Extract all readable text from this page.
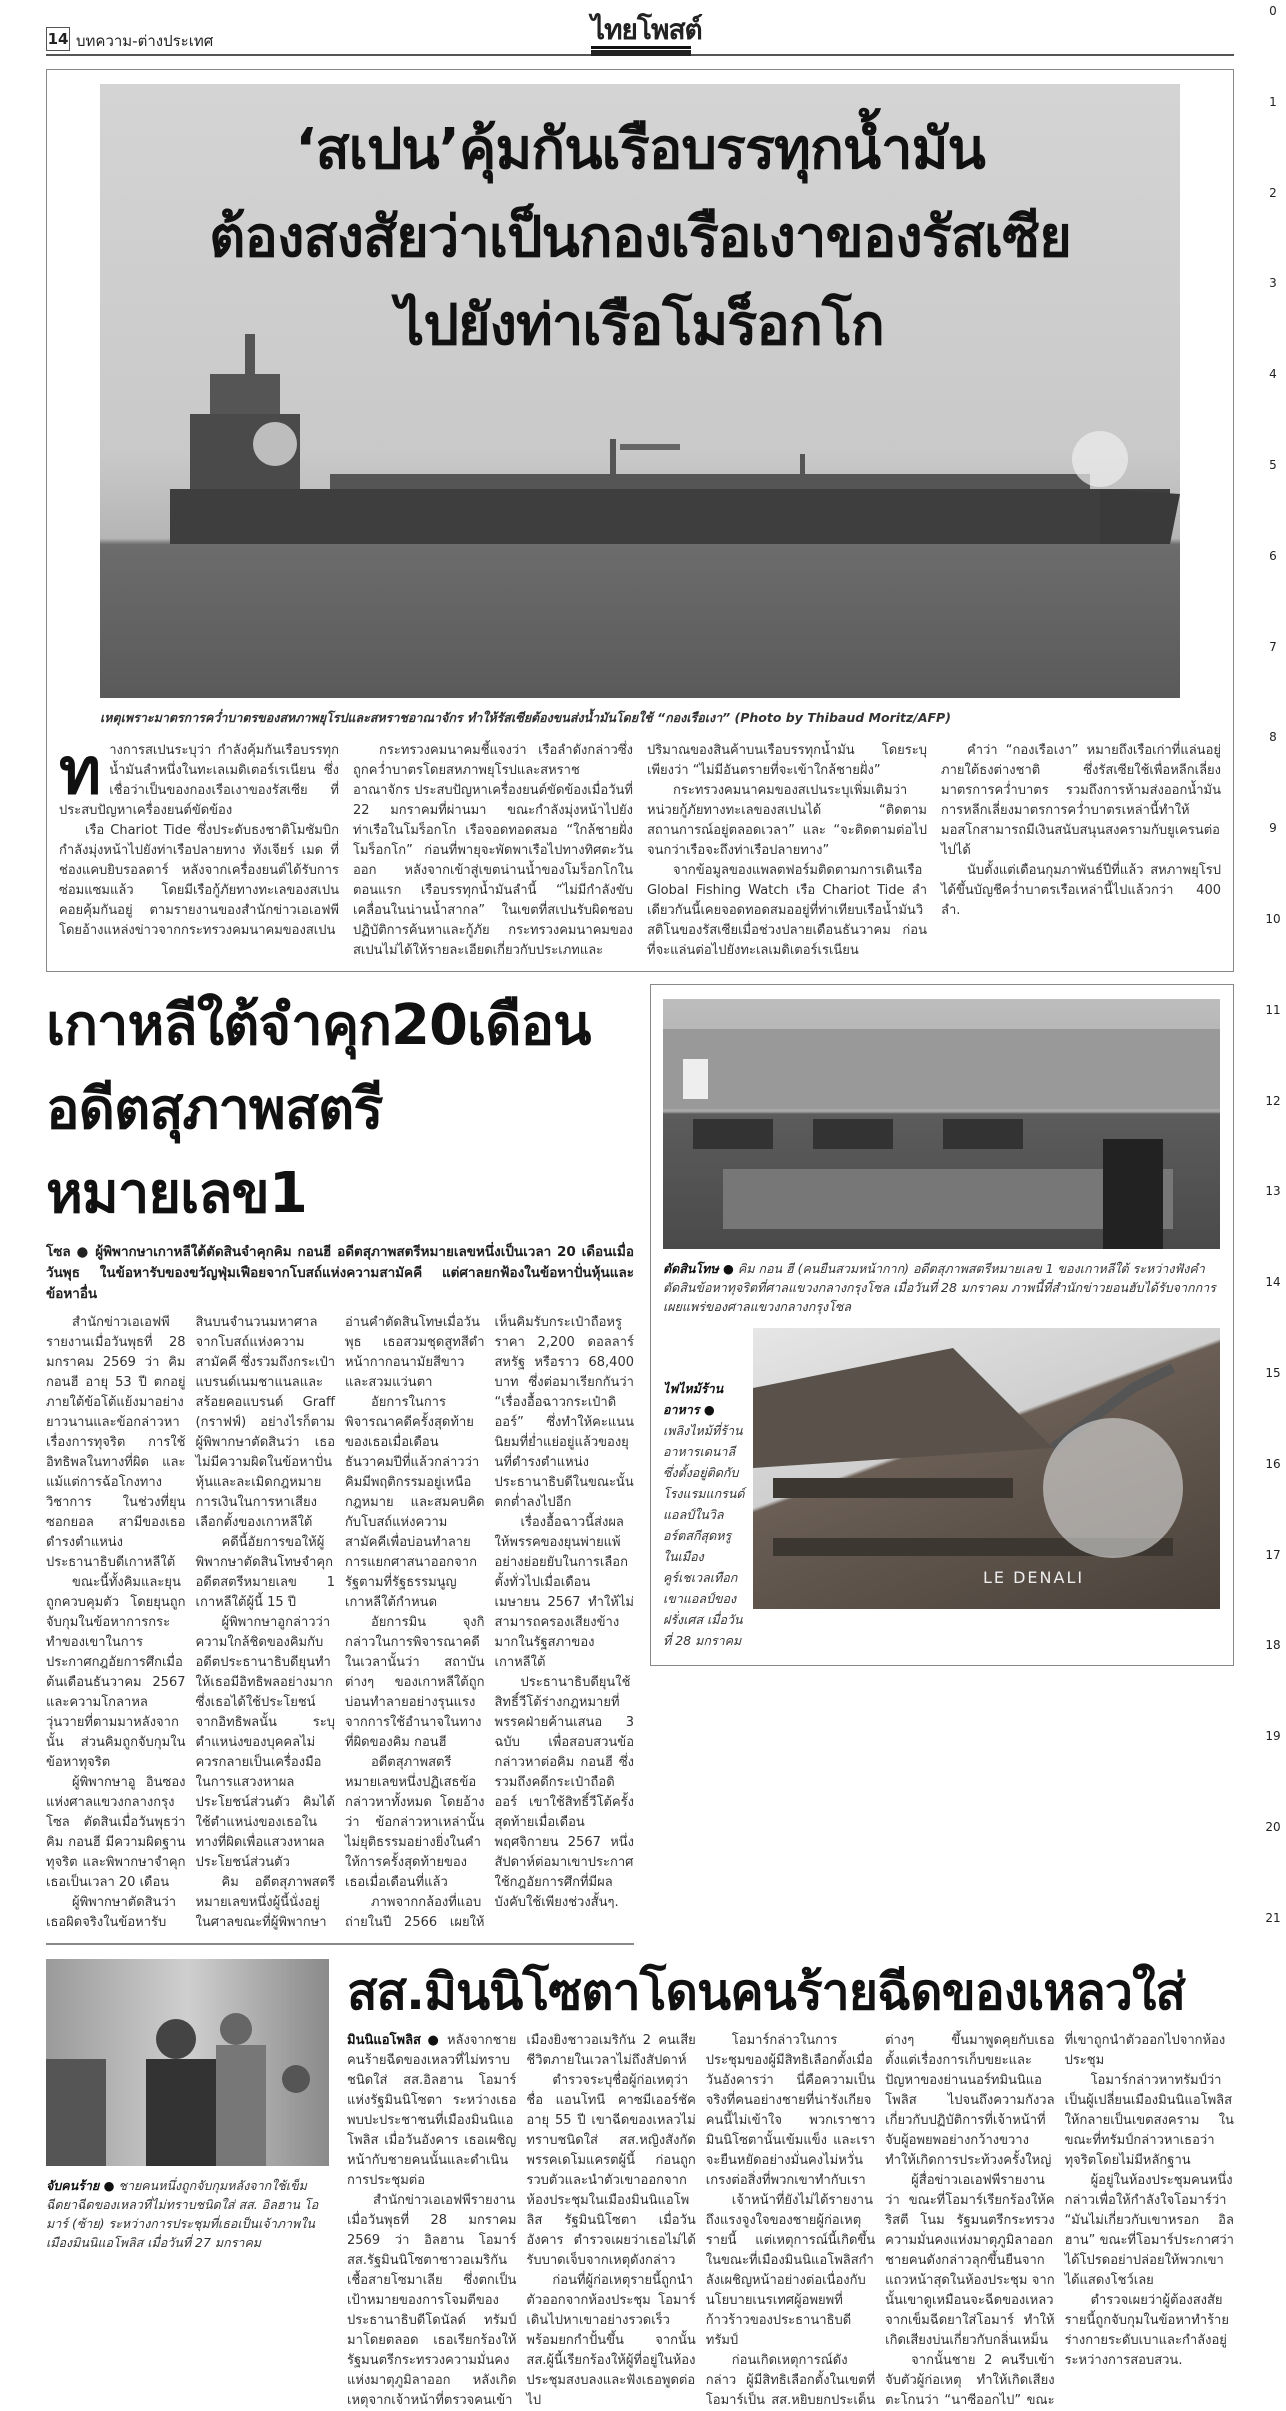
0
1
2
3
4
5
6
7
8
9
10
11
12
13
14
15
16
17
18
19
20
21
14 บทความ-ต่างประเทศ	ไทยโพสต์
‘สเปน’คุ้มกันเรือบรรทุกน้ำมัน
ต้องสงสัยว่าเป็นกองเรือเงาของรัสเซีย
ไปยังท่าเรือโมร็อกโก
เหตุเพราะมาตรการคว่ำบาตรของสหภาพยุโรปและสหราชอาณาจักร ทำให้รัสเซียต้องขนส่งน้ำมันโดยใช้ “กองเรือเงา” (Photo by Thibaud Moritz/AFP)
ท างการสเปนระบุว่า กำลังคุ้มกันเรือบรรทุกน้ำมันลำหนึ่งในทะเลเมดิเตอร์เรเนียน ซึ่งเชื่อว่าเป็นของกองเรือเงาของรัสเซีย ที่ประสบปัญหาเครื่องยนต์ขัดข้อง

เรือ Chariot Tide ซึ่งประดับธงชาติโมซัมบิก กำลังมุ่งหน้าไปยังท่าเรือปลายทาง ทังเจียร์ เมด ที่ช่องแคบยิบรอลตาร์ หลังจากเครื่องยนต์ได้รับการซ่อมแซมแล้ว โดยมีเรือกู้ภัยทางทะเลของสเปนคอยคุ้มกันอยู่ ตามรายงานของสำนักข่าวเอเอฟพี โดยอ้างแหล่งข่าวจากกระทรวงคมนาคมของสเปน

กระทรวงคมนาคมชี้แจงว่า เรือลำดังกล่าวซึ่งถูกคว่ำบาตรโดยสหภาพยุโรปและสหราชอาณาจักร ประสบปัญหาเครื่องยนต์ขัดข้องเมื่อวันที่ 22 มกราคมที่ผ่านมา ขณะกำลังมุ่งหน้าไปยังท่าเรือในโมร็อกโก เรือจอดทอดสมอ “ใกล้ชายฝั่งโมร็อกโก” ก่อนที่พายุจะพัดพาเรือไปทางทิศตะวันออก หลังจากเข้าสู่เขตน่านน้ำของโมร็อกโกในตอนแรก เรือบรรทุกน้ำมันลำนี้ “ไม่มีกำลังขับเคลื่อนในน่านน้ำสากล” ในเขตที่สเปนรับผิดชอบปฏิบัติการค้นหาและกู้ภัย กระทรวงคมนาคมของสเปนไม่ได้ให้รายละเอียดเกี่ยวกับประเภทและปริมาณของสินค้าบนเรือบรรทุกน้ำมัน โดยระบุเพียงว่า “ไม่มีอันตรายที่จะเข้าใกล้ชายฝั่ง”

กระทรวงคมนาคมของสเปนระบุเพิ่มเติมว่า หน่วยกู้ภัยทางทะเลของสเปนได้ “ติดตามสถานการณ์อยู่ตลอดเวลา” และ “จะติดตามต่อไปจนกว่าเรือจะถึงท่าเรือปลายทาง”

จากข้อมูลของแพลตฟอร์มติดตามการเดินเรือ Global Fishing Watch เรือ Chariot Tide ลำเดียวกันนี้เคยจอดทอดสมออยู่ที่ท่าเทียบเรือน้ำมันวิสติโนของรัสเซียเมื่อช่วงปลายเดือนธันวาคม ก่อนที่จะแล่นต่อไปยังทะเลเมดิเตอร์เรเนียน

คำว่า “กองเรือเงา” หมายถึงเรือเก่าที่แล่นอยู่ภายใต้ธงต่างชาติ ซึ่งรัสเซียใช้เพื่อหลีกเลี่ยงมาตรการคว่ำบาตร รวมถึงการห้ามส่งออกน้ำมัน การหลีกเลี่ยงมาตรการคว่ำบาตรเหล่านี้ทำให้มอสโกสามารถมีเงินสนับสนุนสงครามกับยูเครนต่อไปได้

นับตั้งแต่เดือนกุมภาพันธ์ปีที่แล้ว สหภาพยุโรปได้ขึ้นบัญชีคว่ำบาตรเรือเหล่านี้ไปแล้วกว่า 400 ลำ.

เกาหลีใต้จำคุก20เดือน
อดีตสุภาพสตรีหมายเลข1
โซล ● ผู้พิพากษาเกาหลีใต้ตัดสินจำคุกคิม กอนฮี อดีตสุภาพสตรีหมายเลขหนึ่งเป็นเวลา 20 เดือนเมื่อวันพุธ ในข้อหารับของขวัญฟุ่มเฟือยจากโบสถ์แห่งความสามัคคี แต่ศาลยกฟ้องในข้อหาปั่นหุ้นและข้อหาอื่น

สำนักข่าวเอเอฟพีรายงานเมื่อวันพุธที่ 28 มกราคม 2569 ว่า คิม กอนฮี อายุ 53 ปี ตกอยู่ภายใต้ข้อโต้แย้งมาอย่างยาวนานและข้อกล่าวหาเรื่องการทุจริต การใช้อิทธิพลในทางที่ผิด และแม้แต่การฉ้อโกงทางวิชาการ ในช่วงที่ยุน ซอกยอล สามีของเธอดำรงตำแหน่งประธานาธิบดีเกาหลีใต้

ขณะนี้ทั้งคิมและยุนถูกควบคุมตัว โดยยุนถูกจับกุมในข้อหาการกระทำของเขาในการประกาศกฎอัยการศึกเมื่อต้นเดือนธันวาคม 2567 และความโกลาหลวุ่นวายที่ตามมาหลังจากนั้น ส่วนคิมถูกจับกุมในข้อหาทุจริต

ผู้พิพากษาอู อินซอง แห่งศาลแขวงกลางกรุงโซล ตัดสินเมื่อวันพุธว่า คิม กอนฮี มีความผิดฐานทุจริต และพิพากษาจำคุกเธอเป็นเวลา 20 เดือน

ผู้พิพากษาตัดสินว่าเธอผิดจริงในข้อหารับสินบนจำนวนมหาศาลจากโบสถ์แห่งความสามัคคี ซึ่งรวมถึงกระเป๋าแบรนด์เนมชาแนลและสร้อยคอแบรนด์ Graff (กราฟฟ์) อย่างไรก็ตาม ผู้พิพากษาตัดสินว่า เธอไม่มีความผิดในข้อหาปั่นหุ้นและละเมิดกฎหมายการเงินในการหาเสียงเลือกตั้งของเกาหลีใต้

คดีนี้อัยการขอให้ผู้พิพากษาตัดสินโทษจำคุกอดีตสตรีหมายเลข 1 เกาหลีใต้ผู้นี้ 15 ปี

ผู้พิพากษาอูกล่าวว่า ความใกล้ชิดของคิมกับอดีตประธานาธิบดียุนทำให้เธอมีอิทธิพลอย่างมาก ซึ่งเธอได้ใช้ประโยชน์จากอิทธิพลนั้น ระบุตำแหน่งของบุคคลไม่ควรกลายเป็นเครื่องมือในการแสวงหาผลประโยชน์ส่วนตัว คิมได้ใช้ตำแหน่งของเธอในทางที่ผิดเพื่อแสวงหาผลประโยชน์ส่วนตัว

คิม อดีตสุภาพสตรีหมายเลขหนึ่งผู้นี้นั่งอยู่ในศาลขณะที่ผู้พิพากษาอ่านคำตัดสินโทษเมื่อวันพุธ เธอสวมชุดสูทสีดำ หน้ากากอนามัยสีขาวและสวมแว่นตา

อัยการในการพิจารณาคดีครั้งสุดท้ายของเธอเมื่อเดือนธันวาคมปีที่แล้วกล่าวว่า คิมมีพฤติกรรมอยู่เหนือกฎหมาย และสมคบคิดกับโบสถ์แห่งความสามัคคีเพื่อบ่อนทำลายการแยกศาสนาออกจากรัฐตามที่รัฐธรรมนูญเกาหลีใต้กำหนด

อัยการมิน จุงกิ กล่าวในการพิจารณาคดีในเวลานั้นว่า สถาบันต่างๆ ของเกาหลีใต้ถูกบ่อนทำลายอย่างรุนแรงจากการใช้อำนาจในทางที่ผิดของคิม กอนฮี

อดีตสุภาพสตรีหมายเลขหนึ่งปฏิเสธข้อกล่าวหาทั้งหมด โดยอ้างว่า ข้อกล่าวหาเหล่านั้นไม่ยุติธรรมอย่างยิ่งในคำให้การครั้งสุดท้ายของเธอเมื่อเดือนที่แล้ว

ภาพจากกล้องที่แอบถ่ายในปี 2566 เผยให้เห็นคิมรับกระเป๋าถือหรูราคา 2,200 ดอลลาร์สหรัฐ หรือราว 68,400 บาท ซึ่งต่อมาเรียกกันว่า “เรื่องอื้อฉาวกระเป๋าดิออร์” ซึ่งทำให้คะแนนนิยมที่ย่ำแย่อยู่แล้วของยุนที่ดำรงตำแหน่งประธานาธิบดีในขณะนั้นตกต่ำลงไปอีก

เรื่องอื้อฉาวนี้ส่งผลให้พรรคของยุนพ่ายแพ้อย่างย่อยยับในการเลือกตั้งทั่วไปเมื่อเดือนเมษายน 2567 ทำให้ไม่สามารถครองเสียงข้างมากในรัฐสภาของเกาหลีใต้

ประธานาธิบดียุนใช้สิทธิ์วีโต้ร่างกฎหมายที่พรรคฝ่ายค้านเสนอ 3 ฉบับ เพื่อสอบสวนข้อกล่าวหาต่อคิม กอนฮี ซึ่งรวมถึงคดีกระเป๋าถือดิออร์ เขาใช้สิทธิ์วีโต้ครั้งสุดท้ายเมื่อเดือนพฤศจิกายน 2567 หนึ่งสัปดาห์ต่อมาเขาประกาศใช้กฎอัยการศึกที่มีผลบังคับใช้เพียงช่วงสั้นๆ.

ตัดสินโทษ ● คิม กอน ฮี (คนยืนสวมหน้ากาก) อดีตสุภาพสตรีหมายเลข 1 ของเกาหลีใต้ ระหว่างฟังคำตัดสินข้อหาทุจริตที่ศาลแขวงกลางกรุงโซล เมื่อวันที่ 28 มกราคม ภาพนี้ที่สำนักข่าวยอนฮับได้รับจากการเผยแพร่ของศาลแขวงกลางกรุงโซล
ไฟไหม้ร้านอาหาร ● เพลิงไหม้ที่ร้านอาหารเดนาลี ซึ่งตั้งอยู่ติดกับโรงแรมแกรนด์แอลป์ในวิลอร์ตสกีสุดหรูในเมืองคูร์เชเวลเทือกเขาแอลป์ของฝรั่งเศส เมื่อวันที่ 28 มกราคม
LE DENALI
จับคนร้าย ● ชายคนหนึ่งถูกจับกุมหลังจากใช้เข็มฉีดยาฉีดของเหลวที่ไม่ทราบชนิดใส่ สส. อิลฮาน โอมาร์ (ซ้าย) ระหว่างการประชุมที่เธอเป็นเจ้าภาพในเมืองมินนิแอโพลิส เมื่อวันที่ 27 มกราคม
สส.มินนิโซตาโดนคนร้ายฉีดของเหลวใส่

มินนิแอโพลิส ● หลังจากชายคนร้ายฉีดของเหลวที่ไม่ทราบชนิดใส่ สส.อิลฮาน โอมาร์ แห่งรัฐมินนิโซตา ระหว่างเธอพบปะประชาชนที่เมืองมินนิแอโพลิส เมื่อวันอังคาร เธอเผชิญหน้ากับชายคนนั้นและดำเนินการประชุมต่อ

สำนักข่าวเอเอฟพีรายงานเมื่อวันพุธที่ 28 มกราคม 2569 ว่า อิลฮาน โอมาร์ สส.รัฐมินนิโซตาชาวอเมริกันเชื้อสายโซมาเลีย ซึ่งตกเป็นเป้าหมายของการโจมตีของประธานาธิบดีโดนัลด์ ทรัมป์มาโดยตลอด เธอเรียกร้องให้รัฐมนตรีกระทรวงความมั่นคงแห่งมาตุภูมิลาออก หลังเกิดเหตุจากเจ้าหน้าที่ตรวจคนเข้าเมืองยิงชาวอเมริกัน 2 คนเสียชีวิตภายในเวลาไม่ถึงสัปดาห์

ตำรวจระบุชื่อผู้ก่อเหตุว่า ชื่อ แอนโทนี คาซมีเออร์ชัค อายุ 55 ปี เขาฉีดของเหลวไม่ทราบชนิดใส่ สส.หญิงสังกัดพรรคเดโมแครตผู้นี้ ก่อนถูกรวบตัวและนำตัวเขาออกจากห้องประชุมในเมืองมินนิแอโพลิส รัฐมินนิโซตา เมื่อวันอังคาร ตำรวจเผยว่าเธอไม่ได้รับบาดเจ็บจากเหตุดังกล่าว

ก่อนที่ผู้ก่อเหตุรายนี้ถูกนำตัวออกจากห้องประชุม โอมาร์เดินไปหาเขาอย่างรวดเร็วพร้อมยกกำปั้นขึ้น จากนั้น สส.ผู้นี้เรียกร้องให้ผู้ที่อยู่ในห้องประชุมสงบลงและฟังเธอพูดต่อไป

โอมาร์กล่าวในการประชุมของผู้มีสิทธิเลือกตั้งเมื่อวันอังคารว่า นี่คือความเป็นจริงที่คนอย่างชายที่น่ารังเกียจคนนี้ไม่เข้าใจ พวกเราชาวมินนิโซตานั้นเข้มแข็ง และเราจะยืนหยัดอย่างมั่นคงไม่หวั่นเกรงต่อสิ่งที่พวกเขาทำกับเรา

เจ้าหน้าที่ยังไม่ได้รายงานถึงแรงจูงใจของชายผู้ก่อเหตุรายนี้ แต่เหตุการณ์นี้เกิดขึ้นในขณะที่เมืองมินนิแอโพลิสกำลังเผชิญหน้าอย่างต่อเนื่องกับนโยบายเนรเทศผู้อพยพที่ก้าวร้าวของประธานาธิบดีทรัมป์

ก่อนเกิดเหตุการณ์ดังกล่าว ผู้มีสิทธิเลือกตั้งในเขตที่โอมาร์เป็น สส.หยิบยกประเด็นต่างๆ ขึ้นมาพูดคุยกับเธอ ตั้งแต่เรื่องการเก็บขยะและปัญหาของย่านนอร์ทมินนิแอโพลิส ไปจนถึงความกังวลเกี่ยวกับปฏิบัติการที่เจ้าหน้าที่จับผู้อพยพอย่างกว้างขวางทำให้เกิดการประท้วงครั้งใหญ่

ผู้สื่อข่าวเอเอฟพีรายงานว่า ขณะที่โอมาร์เรียกร้องให้คริสตี โนม รัฐมนตรีกระทรวงความมั่นคงแห่งมาตุภูมิลาออก ชายคนดังกล่าวลุกขึ้นยืนจากแถวหน้าสุดในห้องประชุม จากนั้นเขาดูเหมือนจะฉีดของเหลวจากเข็มฉีดยาใส่โอมาร์ ทำให้เกิดเสียงบ่นเกี่ยวกับกลิ่นเหม็น

จากนั้นชาย 2 คนรีบเข้าจับตัวผู้ก่อเหตุ ทำให้เกิดเสียงตะโกนว่า “นาซีออกไป” ขณะที่เขาถูกนำตัวออกไปจากห้องประชุม

โอมาร์กล่าวหาทรัมป์ว่าเป็นผู้เปลี่ยนเมืองมินนิแอโพลิสให้กลายเป็นเขตสงคราม ในขณะที่ทรัมป์กล่าวหาเธอว่าทุจริตโดยไม่มีหลักฐาน

ผู้อยู่ในห้องประชุมคนหนึ่งกล่าวเพื่อให้กำลังใจโอมาร์ว่า “มันไม่เกี่ยวกับเขาหรอก อิลฮาน” ขณะที่โอมาร์ประกาศว่าได้โปรดอย่าปล่อยให้พวกเขาได้แสดงโชว์เลย

ตำรวจเผยว่าผู้ต้องสงสัยรายนี้ถูกจับกุมในข้อหาทำร้ายร่างกายระดับเบาและกำลังอยู่ระหว่างการสอบสวน.
